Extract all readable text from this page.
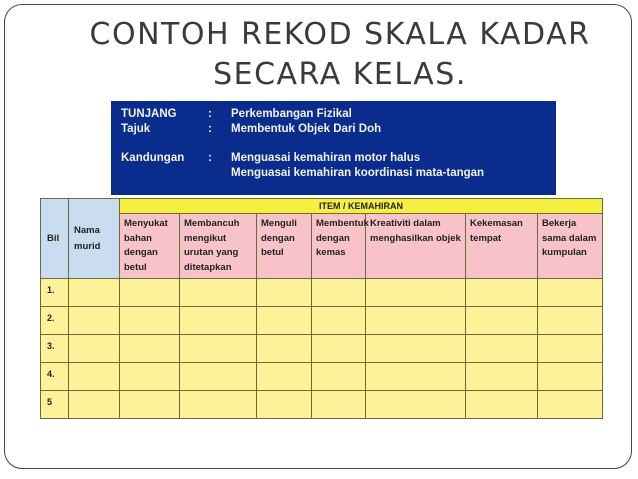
CONTOH REKOD SKALA KADAR
SECARA KELAS.
TUNJANG	: Perkembangan Fizikal
Tajuk	: Membentuk Objek Dari Doh
Kandungan : Menguasai kemahiran motor halus
Menguasai kemahiran koordinasi mata-tangan
Bil	Nama murid	ITEM / KEMAHIRAN						
		Menyukat bahan dengan betul	Membancuh mengikut urutan yang ditetapkan	Menguli dengan betul	Membentuk dengan kemas	Kreativiti dalam menghasilkan objek	Kekemasan tempat	Bekerja sama dalam kumpulan
1.								
2.								
3.								
4.								
5								
